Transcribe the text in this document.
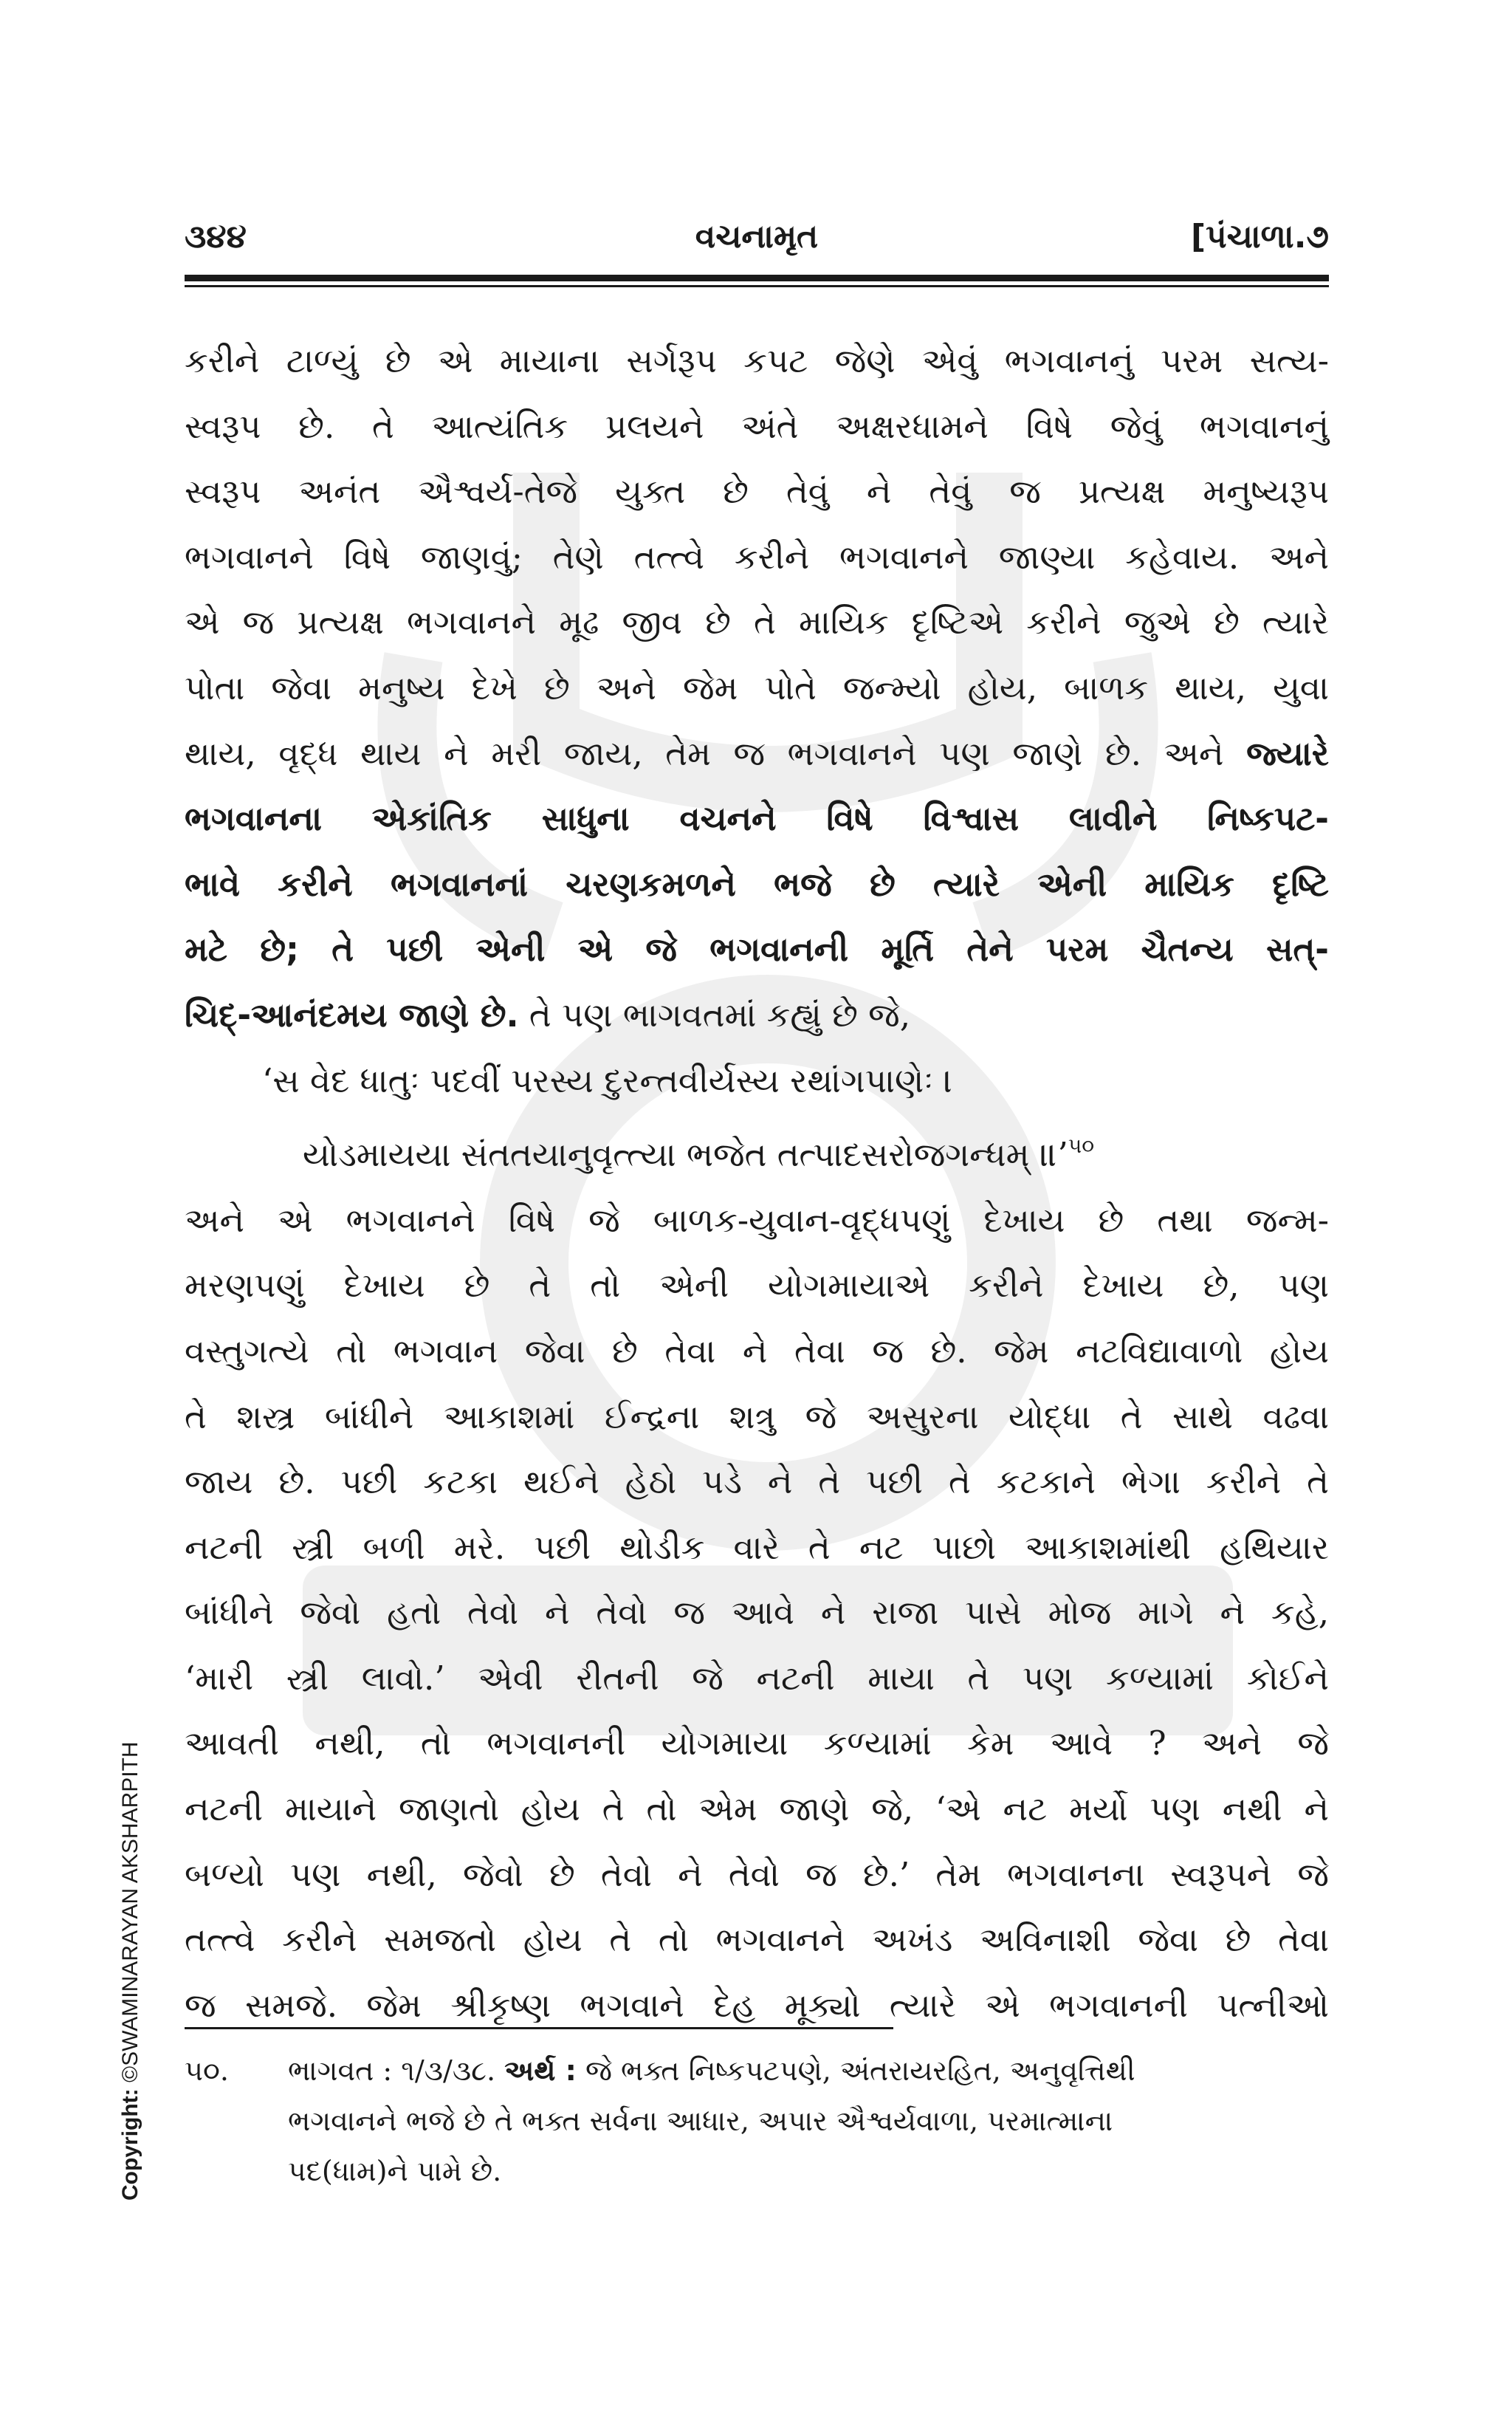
૩૪૪	વચનામૃત	[પંચાળા.૭
કરીને ટાળ્યું છે એ માયાના સર્ગરૂપ કપટ જેણે એવું ભગવાનનું પરમ સત્ય-
સ્વરૂપ છે. તે આત્યંતિક પ્રલયને અંતે અક્ષરધામને વિષે જેવું ભગવાનનું
સ્વરૂપ અનંત ઐશ્વર્ય-તેજે યુક્ત છે તેવું ને તેવું જ પ્રત્યક્ષ મનુષ્યરૂપ
ભગવાનને વિષે જાણવું; તેણે તત્ત્વે કરીને ભગવાનને જાણ્યા કહેવાય. અને
એ જ પ્રત્યક્ષ ભગવાનને મૂઢ જીવ છે તે માયિક દૃષ્ટિએ કરીને જુએ છે ત્યારે
પોતા જેવા મનુષ્ય દેખે છે અને જેમ પોતે જન્મ્યો હોય, બાળક થાય, યુવા
થાય, વૃદ્ધ થાય ને મરી જાય, તેમ જ ભગવાનને પણ જાણે છે. અને જ્યારે
ભગવાનના એકાંતિક સાધુના વચનને વિષે વિશ્વાસ લાવીને નિષ્કપટ-
ભાવે કરીને ભગવાનનાં ચરણકમળને ભજે છે ત્યારે એની માયિક દૃષ્ટિ
મટે છે; તે પછી એની એ જે ભગવાનની મૂર્તિ તેને પરમ ચૈતન્ય સત્-
ચિદ્-આનંદમય જાણે છે. તે પણ ભાગવતમાં કહ્યું છે જે,
‘સ વેદ ધાતુઃ પદવીં પરસ્ય દુરન્તવીર્યસ્ય રથાંગપાણેઃ ।
યોડમાયયા સંતતયાનુવૃત્ત્યા ભજેત તત્પાદસરોજગન્ધમ્ ॥’$^{૫૦}$
અને એ ભગવાનને વિષે જે બાળક-યુવાન-વૃદ્ધપણું દેખાય છે તથા જન્મ-
મરણપણું દેખાય છે તે તો એની યોગમાયાએ કરીને દેખાય છે, પણ
વસ્તુગત્યે તો ભગવાન જેવા છે તેવા ને તેવા જ છે. જેમ નટવિદ્યાવાળો હોય
તે શસ્ત્ર બાંધીને આકાશમાં ઈન્દ્રના શત્રુ જે અસુરના યોદ્ધા તે સાથે વઢવા
જાય છે. પછી કટકા થઈને હેઠો પડે ને તે પછી તે કટકાને ભેગા કરીને તે
નટની સ્ત્રી બળી મરે. પછી થોડીક વારે તે નટ પાછો આકાશમાંથી હથિયાર
બાંધીને જેવો હતો તેવો ને તેવો જ આવે ને રાજા પાસે મોજ માગે ને કહે,
‘મારી સ્ત્રી લાવો.’ એવી રીતની જે નટની માયા તે પણ કળ્યામાં કોઈને
આવતી નથી, તો ભગવાનની યોગમાયા કળ્યામાં કેમ આવે ? અને જે
નટની માયાને જાણતો હોય તે તો એમ જાણે જે, ‘એ નટ મર્યો પણ નથી ને
બળ્યો પણ નથી, જેવો છે તેવો ને તેવો જ છે.’ તેમ ભગવાનના સ્વરૂપને જે
તત્ત્વે કરીને સમજતો હોય તે તો ભગવાનને અખંડ અવિનાશી જેવા છે તેવા
જ સમજે. જેમ શ્રીકૃષ્ણ ભગવાને દેહ મૂક્યો ત્યારે એ ભગવાનની પત્નીઓ
૫૦. ભાગવત : ૧/૩/૩૮. અર્થ : જે ભક્ત નિષ્કપટપણે, અંતરાયરહિત, અનુવૃત્તિથી
ભગવાનને ભજે છે તે ભક્ત સર્વના આધાર, અપાર ઐશ્વર્યવાળા, પરમાત્માના
પદ(ધામ)ને પામે છે.
Copyright: ©SWAMINARAYAN AKSHARPITH
